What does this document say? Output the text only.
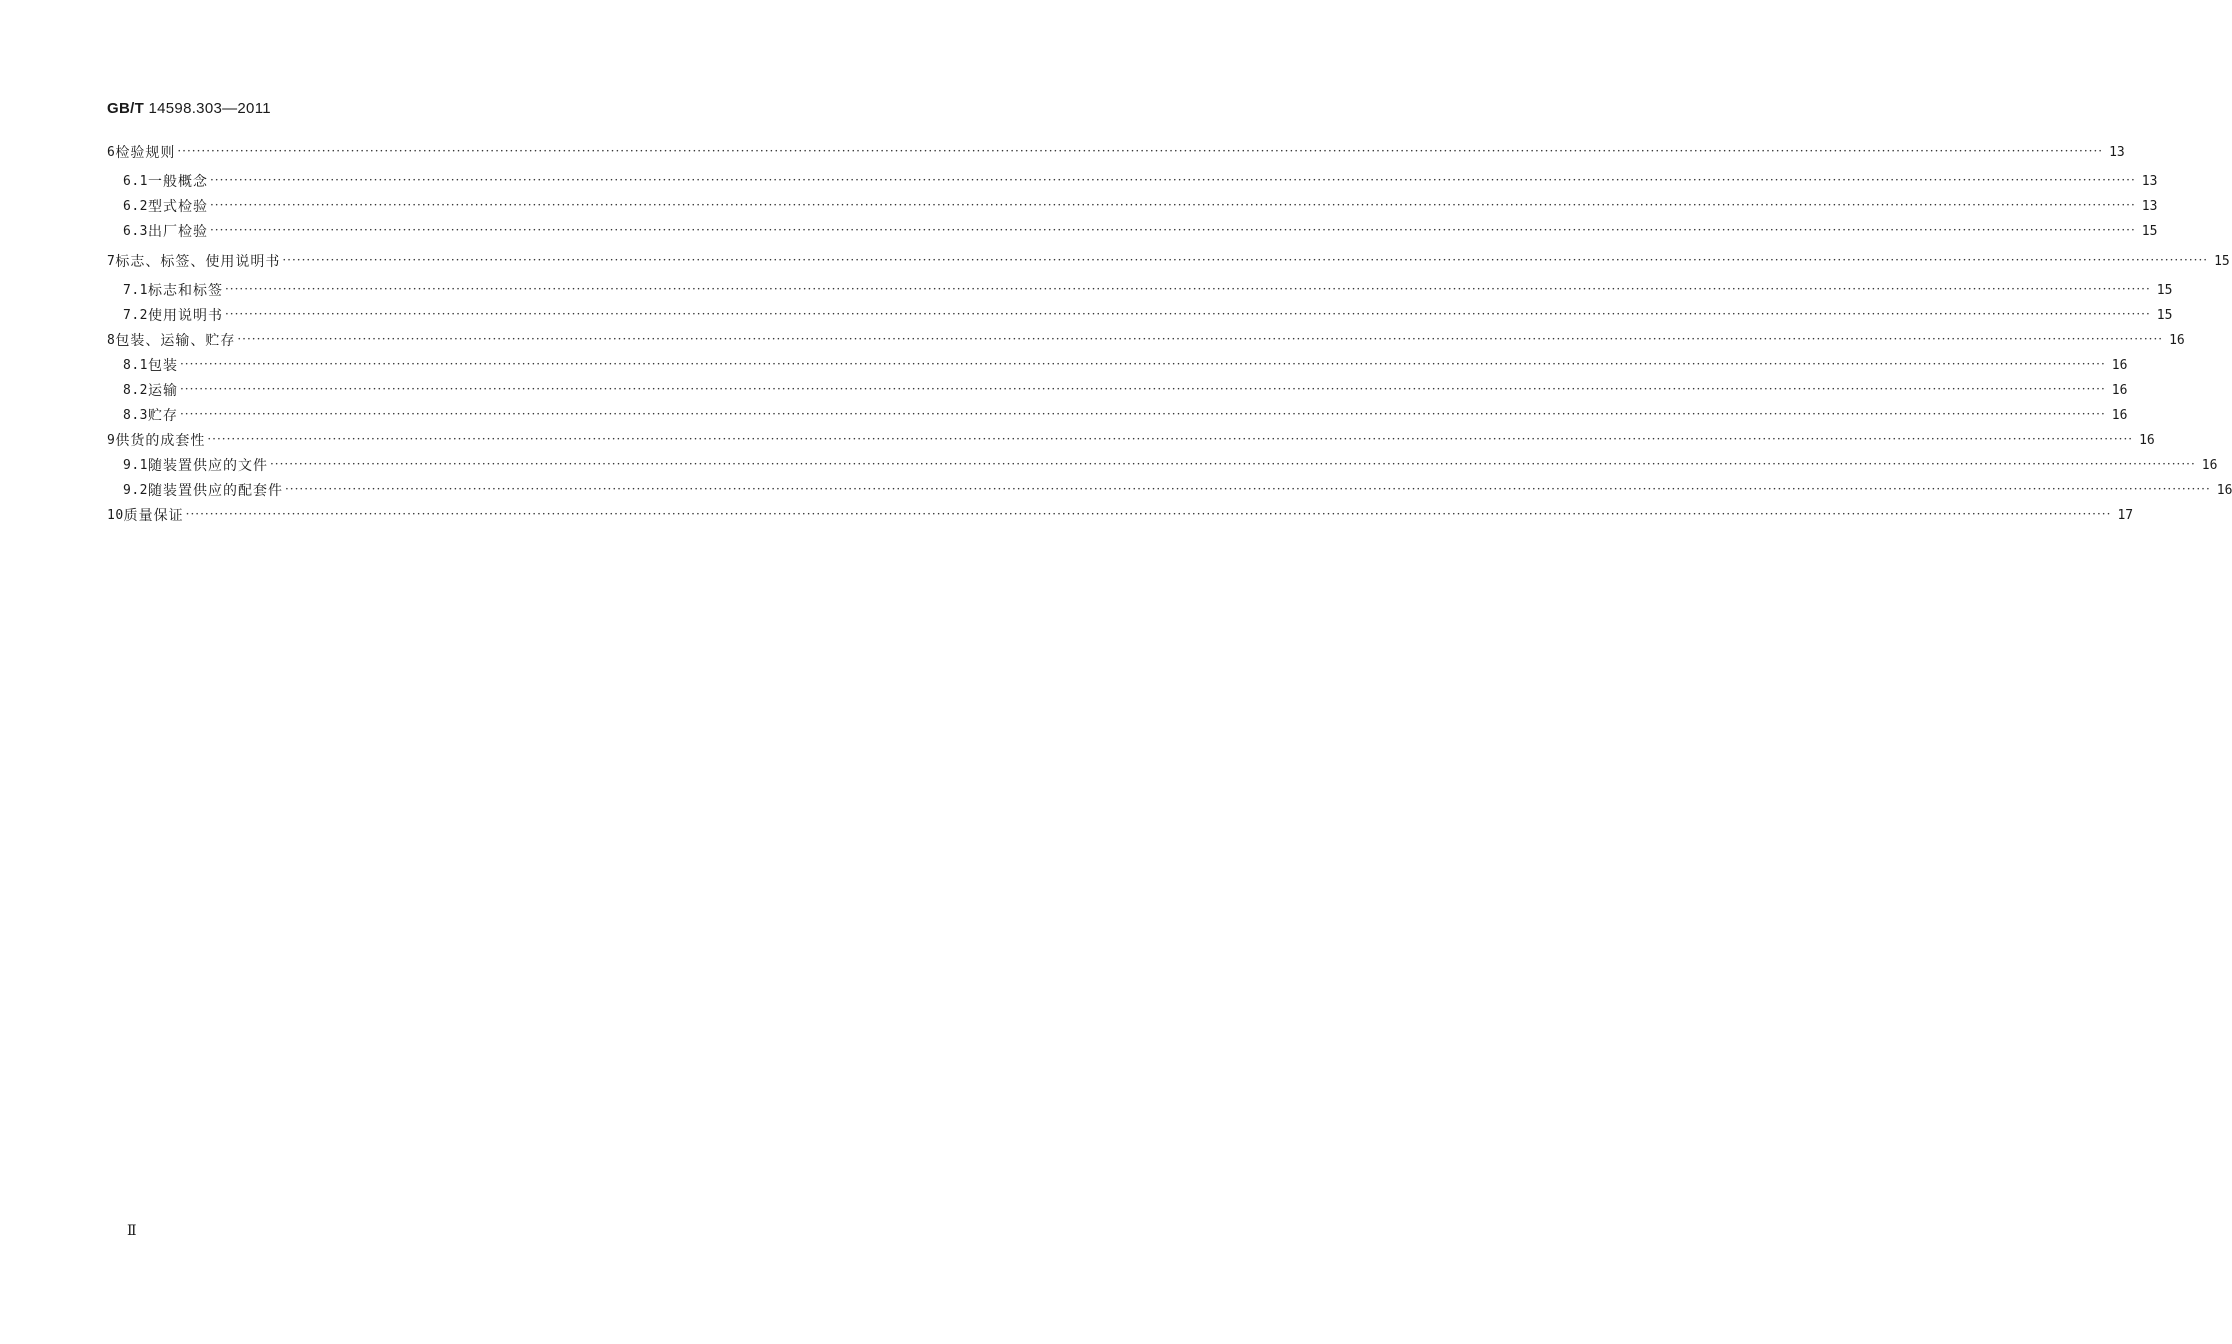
GB/T 14598.303—2011
6 检验规则 ················································································································································································································································································································································································································ 13
6.1 一般概念 ················································································································································································································································································································································································································ 13
6.2 型式检验 ················································································································································································································································································································································································································ 13
6.3 出厂检验 ················································································································································································································································································································································································································ 15
7 标志、标签、使用说明书 ················································································································································································································································································································································································································ 15
7.1 标志和标签 ················································································································································································································································································································································································································ 15
7.2 使用说明书 ················································································································································································································································································································································································································ 15
8 包装、运输、贮存 ················································································································································································································································································································································································································ 16
8.1 包装 ················································································································································································································································································································································································································ 16
8.2 运输 ················································································································································································································································································································································································································ 16
8.3 贮存 ················································································································································································································································································································································································································ 16
9 供货的成套性 ················································································································································································································································································································································································································ 16
9.1 随装置供应的文件 ················································································································································································································································································································································································································ 16
9.2 随装置供应的配套件 ················································································································································································································································································································································································································ 16
10 质量保证 ················································································································································································································································································································································································································ 17
Ⅱ
